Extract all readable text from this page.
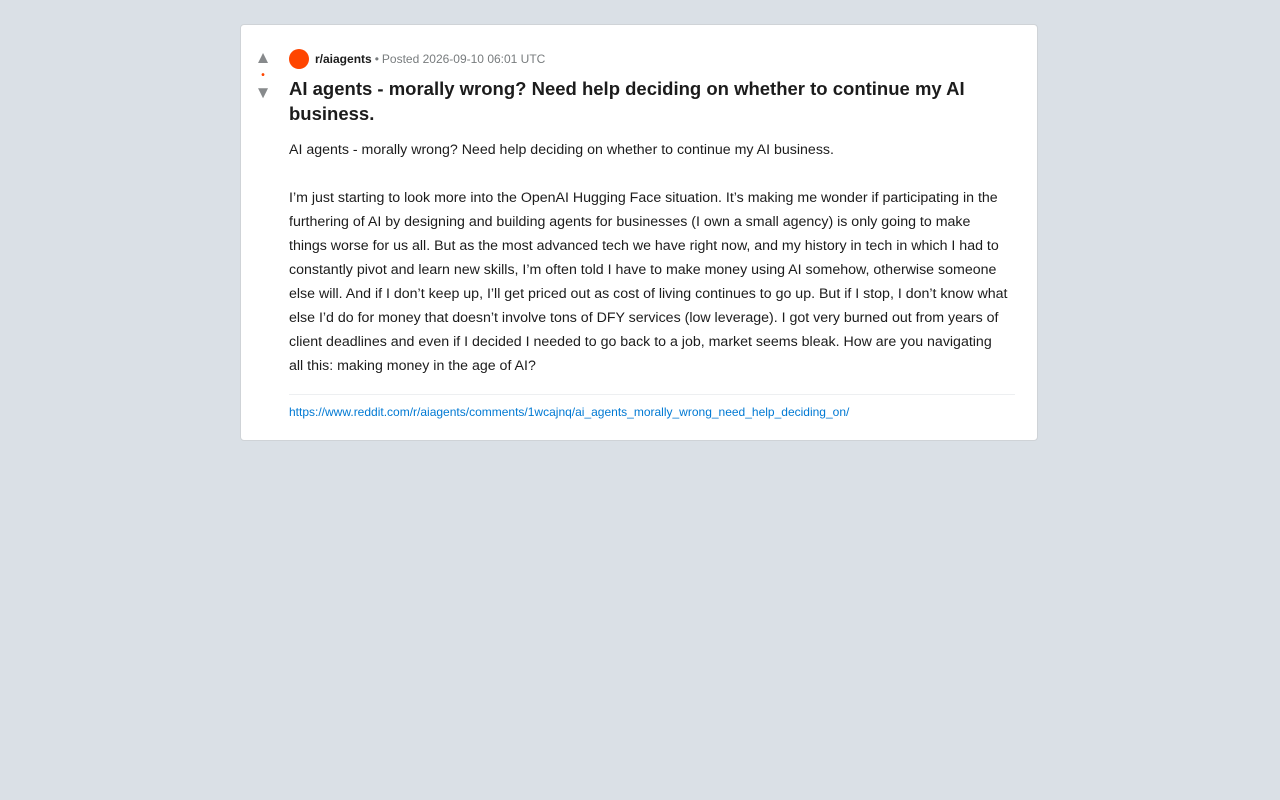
▲
•
▼
r/aiagents • Posted 2026-09-10 06:01 UTC
AI agents - morally wrong? Need help deciding on whether to continue my AI business.

AI agents - morally wrong? Need help deciding on whether to continue my AI business.

I’m just starting to look more into the OpenAI Hugging Face situation. It’s making me wonder if participating in the furthering of AI by designing and building agents for businesses (I own a small agency) is only going to make things worse for us all. But as the most advanced tech we have right now, and my history in tech in which I had to constantly pivot and learn new skills, I’m often told I have to make money using AI somehow, otherwise someone else will. And if I don’t keep up, I’ll get priced out as cost of living continues to go up. But if I stop, I don’t know what else I’d do for money that doesn’t involve tons of DFY services (low leverage). I got very burned out from years of client deadlines and even if I decided I needed to go back to a job, market seems bleak. How are you navigating all this: making money in the age of AI?

https://www.reddit.com/r/aiagents/comments/1wcajnq/ai_agents_morally_wrong_need_help_deciding_on/
